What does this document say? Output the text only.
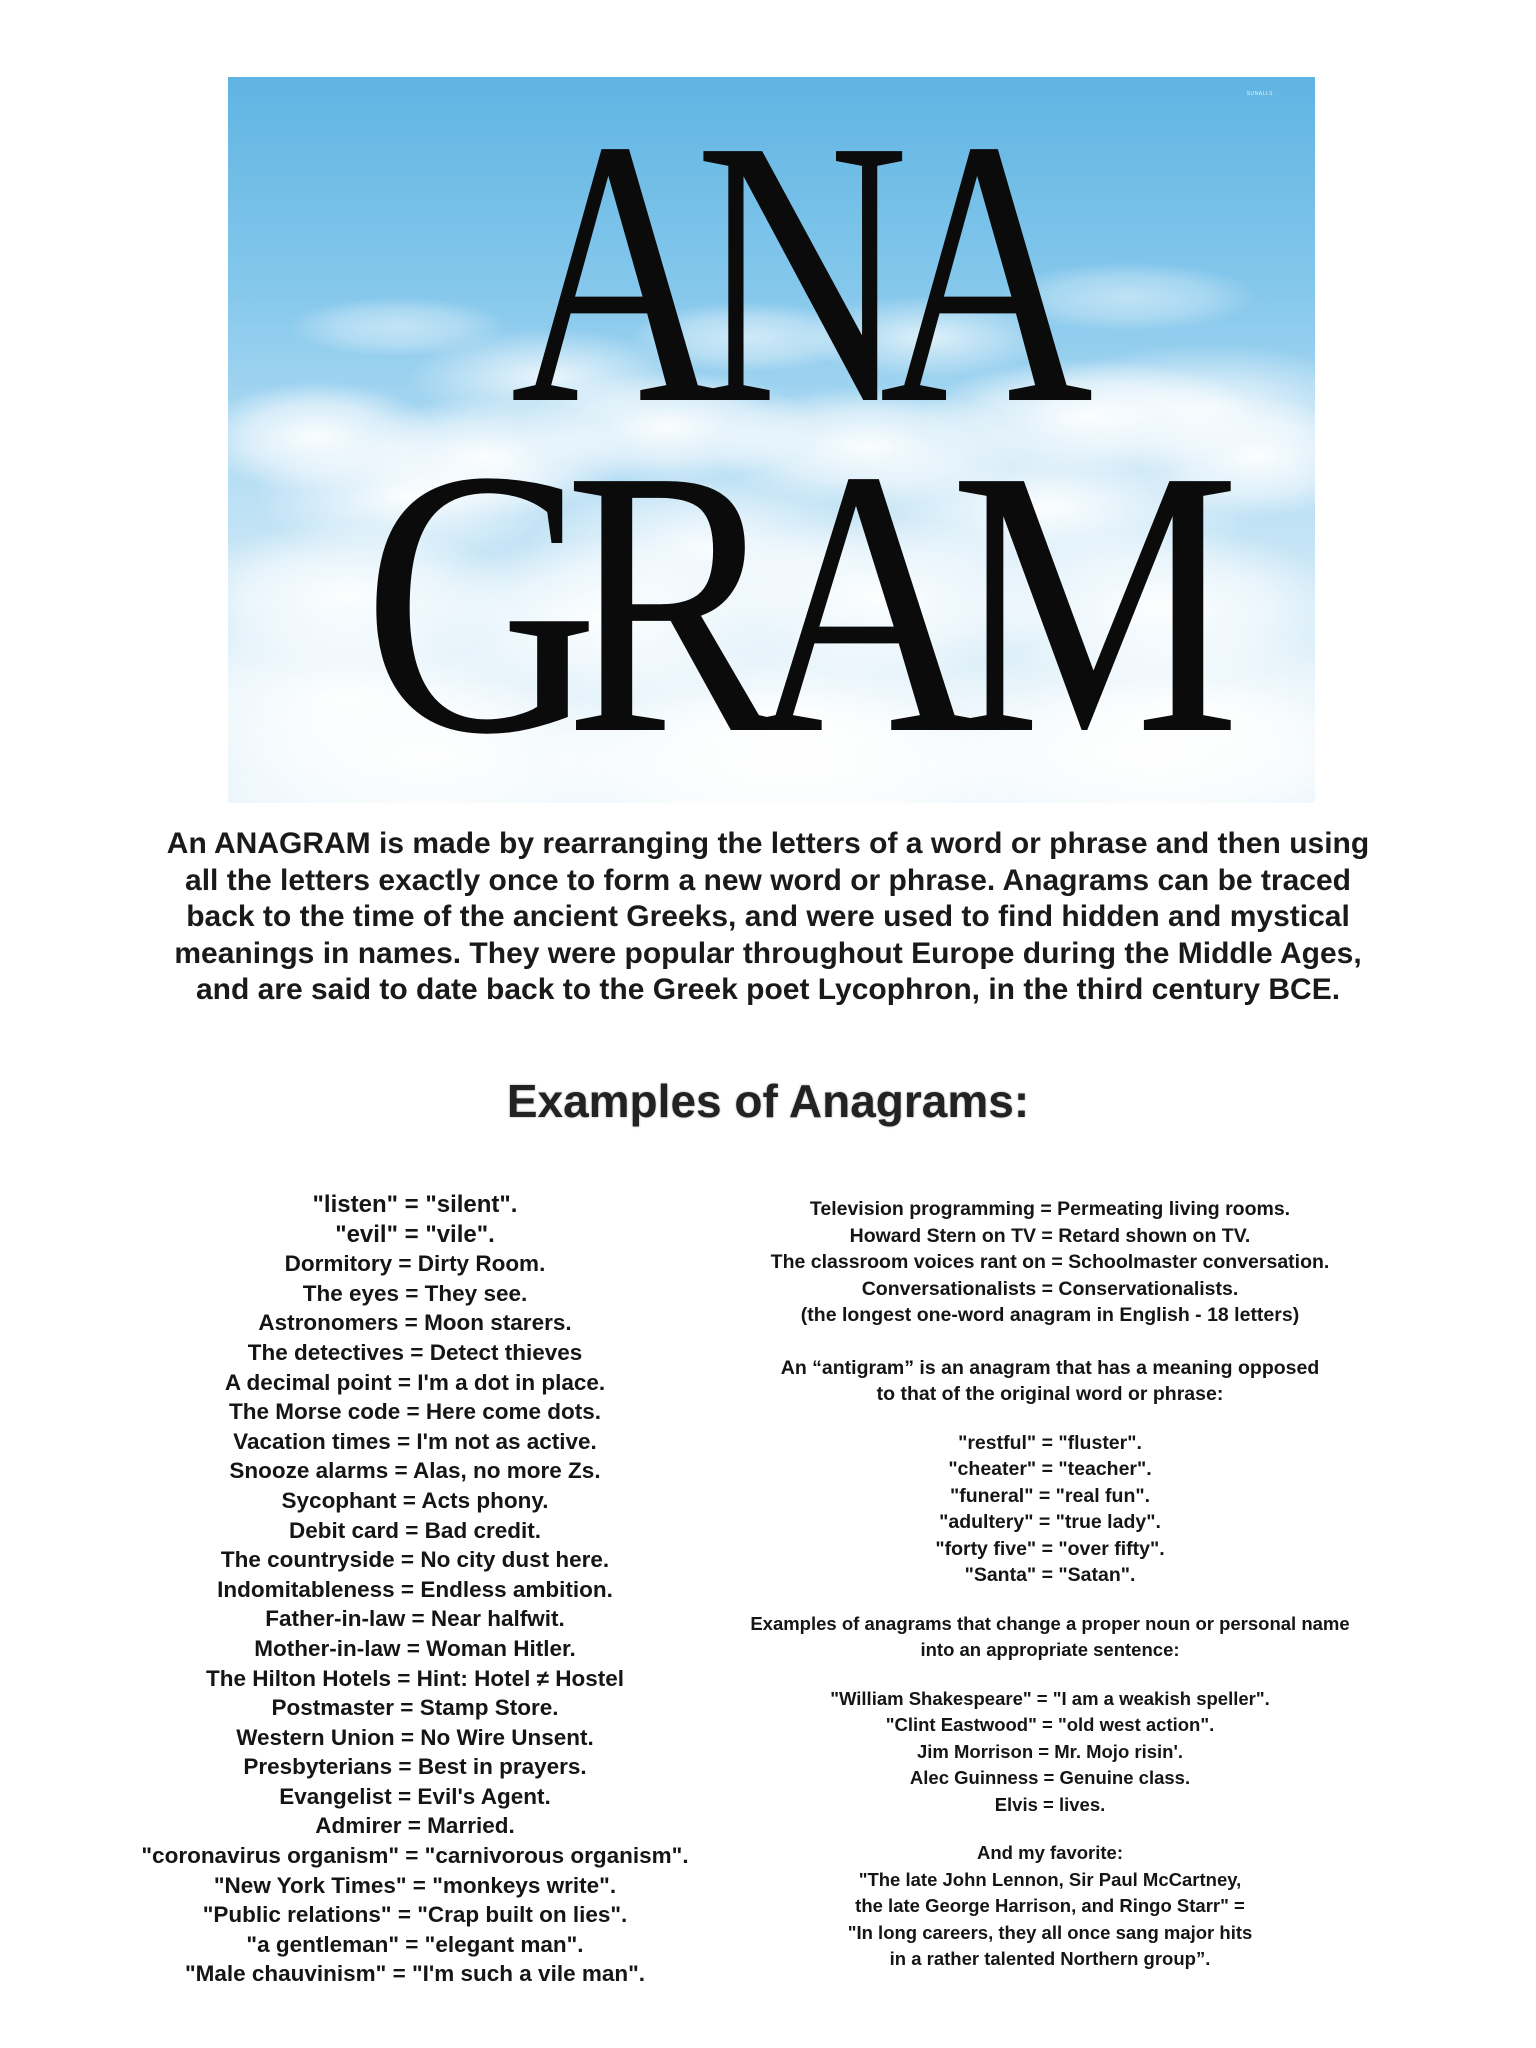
SUNALLS
ANA
GRAM
An ANAGRAM is made by rearranging the letters of a word or phrase and then using
all the letters exactly once to form a new word or phrase. Anagrams can be traced
back to the time of the ancient Greeks, and were used to find hidden and mystical
meanings in names. They were popular throughout Europe during the Middle Ages,
and are said to date back to the Greek poet Lycophron, in the third century BCE.
Examples of Anagrams:
"listen" = "silent".
"evil" = "vile".
Dormitory = Dirty Room.
The eyes = They see.
Astronomers = Moon starers.
The detectives = Detect thieves
A decimal point = I'm a dot in place.
The Morse code = Here come dots.
Vacation times = I'm not as active.
Snooze alarms = Alas, no more Zs.
Sycophant = Acts phony.
Debit card = Bad credit.
The countryside = No city dust here.
Indomitableness = Endless ambition.
Father-in-law = Near halfwit.
Mother-in-law = Woman Hitler.
The Hilton Hotels = Hint: Hotel ≠ Hostel
Postmaster = Stamp Store.
Western Union = No Wire Unsent.
Presbyterians = Best in prayers.
Evangelist = Evil's Agent.
Admirer = Married.
"coronavirus organism" = "carnivorous organism".
"New York Times" = "monkeys write".
"Public relations" = "Crap built on lies".
"a gentleman" = "elegant man".
"Male chauvinism" = "I'm such a vile man".
Television programming = Permeating living rooms.
Howard Stern on TV = Retard shown on TV.
The classroom voices rant on = Schoolmaster conversation.
Conversationalists = Conservationalists.
(the longest one-word anagram in English - 18 letters)
An “antigram” is an anagram that has a meaning opposed
to that of the original word or phrase:
"restful" = "fluster".
"cheater" = "teacher".
"funeral" = "real fun".
"adultery" = "true lady".
"forty five" = "over fifty".
"Santa" = "Satan".
Examples of anagrams that change a proper noun or personal name
into an appropriate sentence:
"William Shakespeare" = "I am a weakish speller".
"Clint Eastwood" = "old west action".
Jim Morrison = Mr. Mojo risin'.
Alec Guinness = Genuine class.
Elvis = lives.
And my favorite:
"The late John Lennon, Sir Paul McCartney,
the late George Harrison, and Ringo Starr" =
"In long careers, they all once sang major hits
in a rather talented Northern group”.
